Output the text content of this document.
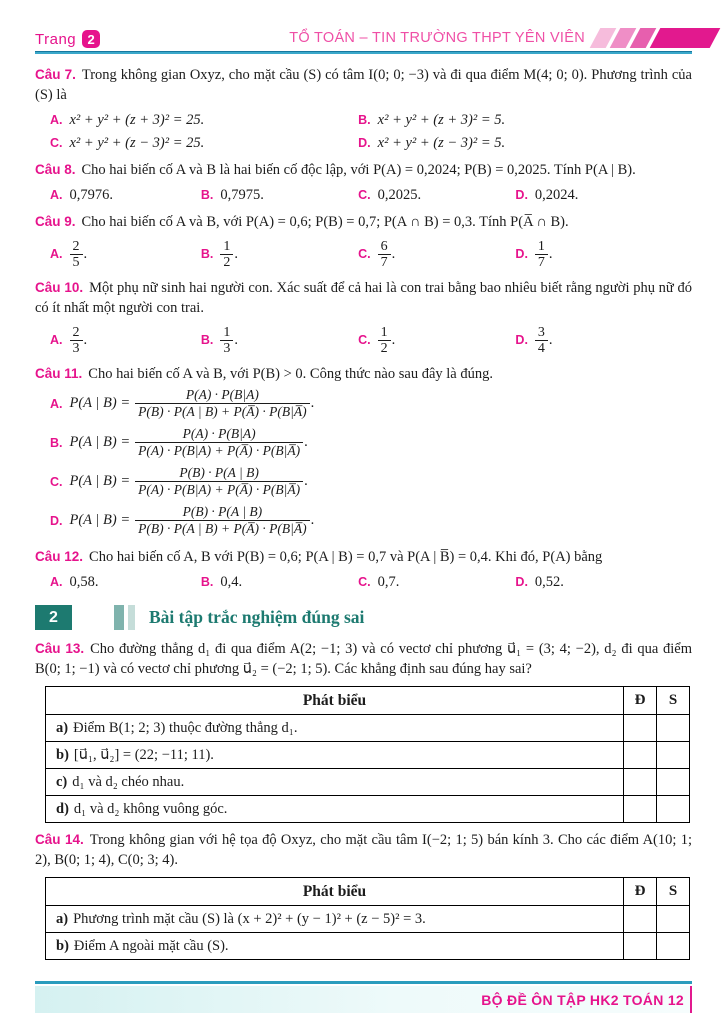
Trang 2	TỔ TOÁN – TIN TRƯỜNG THPT YÊN VIÊN
Câu 7. Trong không gian Oxyz, cho mặt cầu (S) có tâm I(0; 0; −3) và đi qua điểm M(4; 0; 0). Phương trình của (S) là
A. x² + y² + (z + 3)² = 25.	B. x² + y² + (z + 3)² = 5.
C. x² + y² + (z − 3)² = 25.	D. x² + y² + (z − 3)² = 5.
Câu 8. Cho hai biến cố A và B là hai biến cố độc lập, với P(A) = 0,2024; P(B) = 0,2025. Tính P(A | B).
A. 0,7976.	B. 0,7975.	C. 0,2025.	D. 0,2024.
Câu 9. Cho hai biến cố A và B, với P(A) = 0,6; P(B) = 0,7; P(A ∩ B) = 0,3. Tính P(A̅ ∩ B).
A. $\frac{2}{5}$ .	B. $\frac{1}{2}$ .	C. $\frac{6}{7}$ .	D. $\frac{1}{7}$ .
Câu 10. Một phụ nữ sinh hai người con. Xác suất để cả hai là con trai bằng bao nhiêu biết rằng người phụ nữ đó có ít nhất một người con trai.
A. $\frac{2}{3}$ .	B. $\frac{1}{3}$ .	C. $\frac{1}{2}$ .	D. $\frac{3}{4}$ .
Câu 11. Cho hai biến cố A và B, với P(B) > 0. Công thức nào sau đây là đúng.
A. P(A | $B) = \frac{P(A) \cdot P(B|A)}{P(B) \cdot P(A | B) + P(A̅) \cdot P(B|A̅)}$ .
B. P(A | $B) = \frac{P(A) \cdot P(B|A)}{P(A) \cdot P(B|A) + P(A̅) \cdot P(B|A̅)}$ .
C. P(A | $B) = \frac{P(B) \cdot P(A | B)}{P(A) \cdot P(B|A) + P(A̅) \cdot P(B|A̅)}$ .
D. P(A | $B) = \frac{P(B) \cdot P(A | B)}{P(B) \cdot P(A | B) + P(A̅) \cdot P(B|A̅)}$ .
Câu 12. Cho hai biến cố A, B với P(B) = 0,6; P(A | B) = 0,7 và P(A | B̅) = 0,4. Khi đó, P(A) bằng
A. 0,58.	B. 0,4.	C. 0,7.	D. 0,52.
2	Bài tập trắc nghiệm đúng sai
Câu 13. Cho đường thẳng d₁ đi qua điểm A(2; −1; 3) và có vectơ chỉ phương u⃗₁ = (3; 4; −2), d₂ đi qua điểm B(0; 1; −1) và có vectơ chỉ phương u⃗₂ = (−2; 1; 5). Các khẳng định sau đúng hay sai?
Phát biểu	Đ	S
a) Điểm B(1; 2; 3) thuộc đường thẳng d₁.		
b) [u⃗₁, u⃗₂] = (22; −11; 11).		
c) d₁ và d₂ chéo nhau.		
d) d₁ và d₂ không vuông góc.		
Câu 14. Trong không gian với hệ tọa độ Oxyz, cho mặt cầu tâm I(−2; 1; 5) bán kính 3. Cho các điểm A(10; 1; 2), B(0; 1; 4), C(0; 3; 4).
Phát biểu	Đ	S
a) Phương trình mặt cầu (S) là (x + 2)² + (y − 1)² + (z − 5)² = 3.		
b) Điểm A ngoài mặt cầu (S).		
BỘ ĐỀ ÔN TẬP HK2 TOÁN 12
